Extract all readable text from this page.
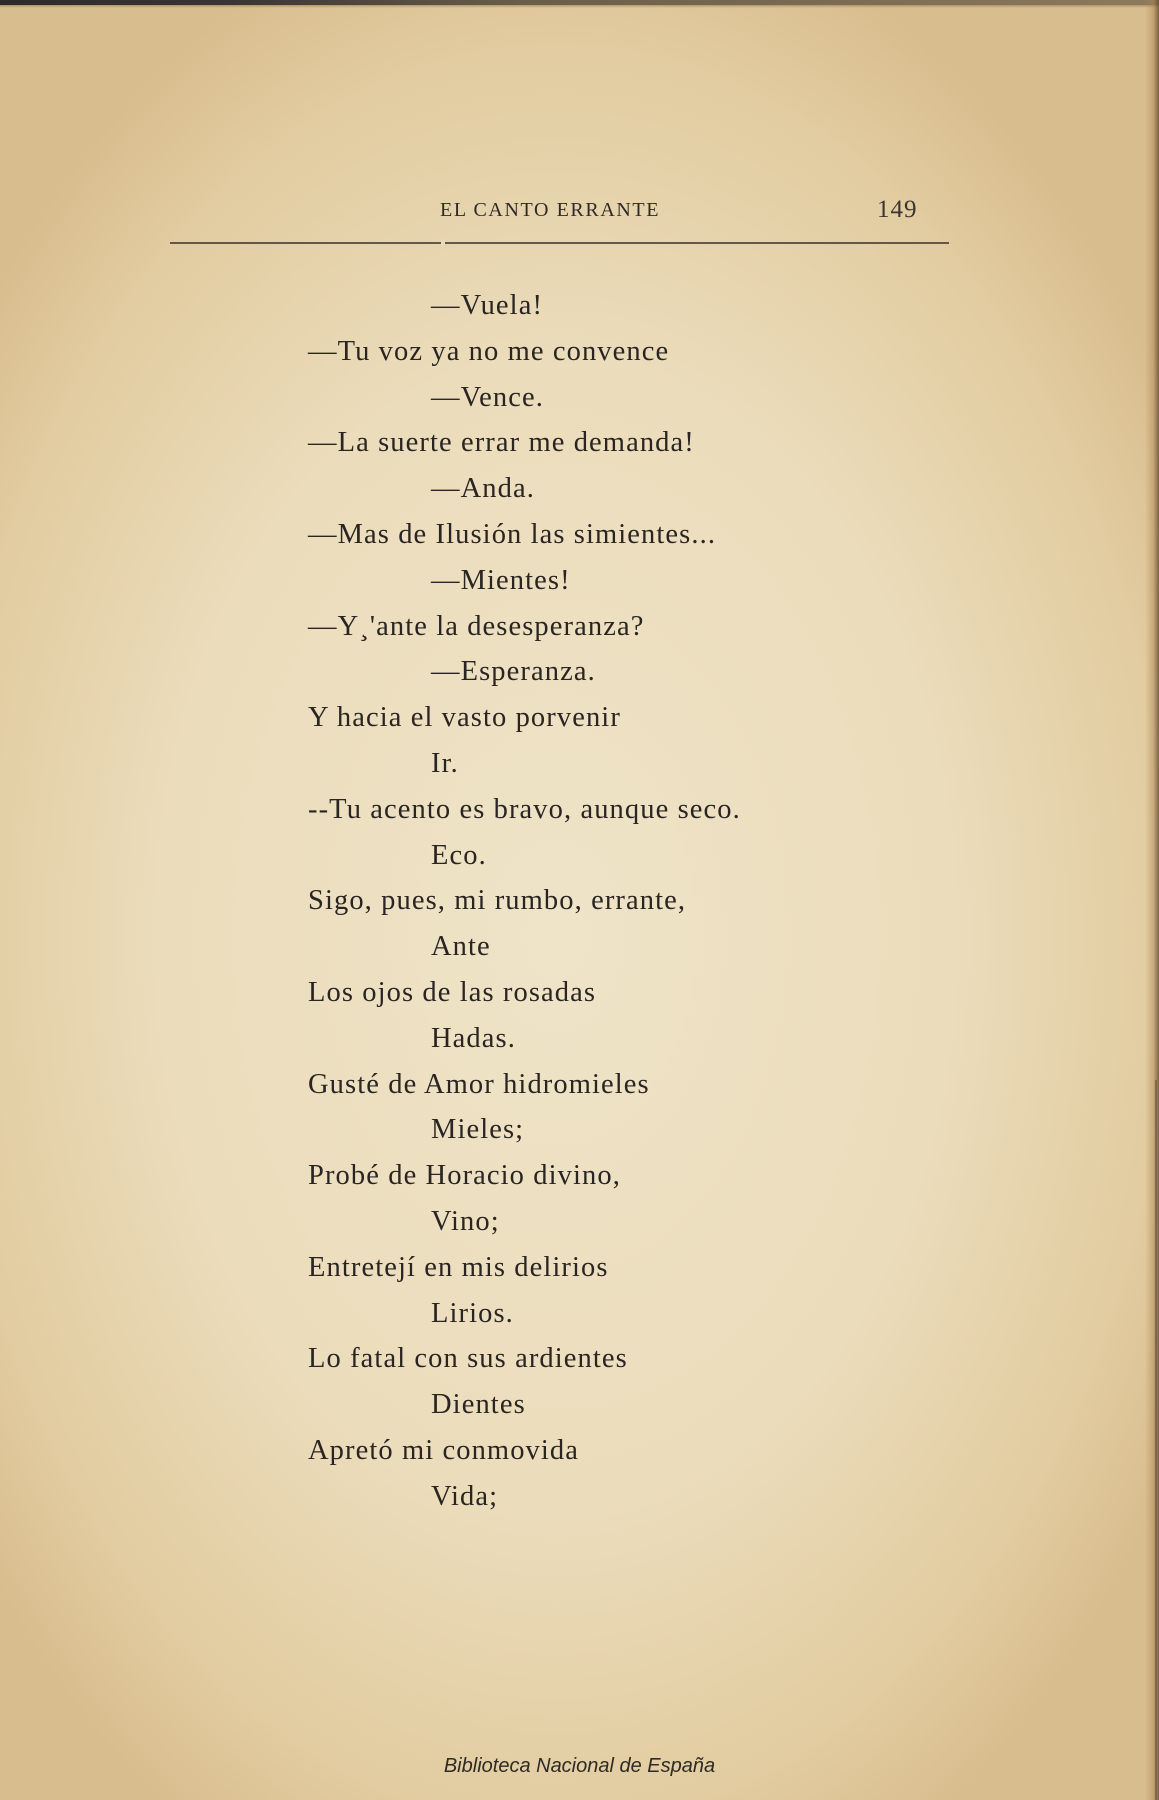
EL CANTO ERRANTE	149
—Vuela!
—Tu voz ya no me convence
—Vence.
—La suerte errar me demanda!
—Anda.
—Mas de Ilusión las simientes...
—Mientes!
—Y¸'ante la desesperanza?
—Esperanza.
Y hacia el vasto porvenir
Ir.
--Tu acento es bravo, aunque seco.
Eco.
Sigo, pues, mi rumbo, errante,
Ante
Los ojos de las rosadas
Hadas.
Gusté de Amor hidromieles
Mieles;
Probé de Horacio divino,
Vino;
Entretejí en mis delirios
Lirios.
Lo fatal con sus ardientes
Dientes
Apretó mi conmovida
Vida;
Biblioteca Nacional de España
